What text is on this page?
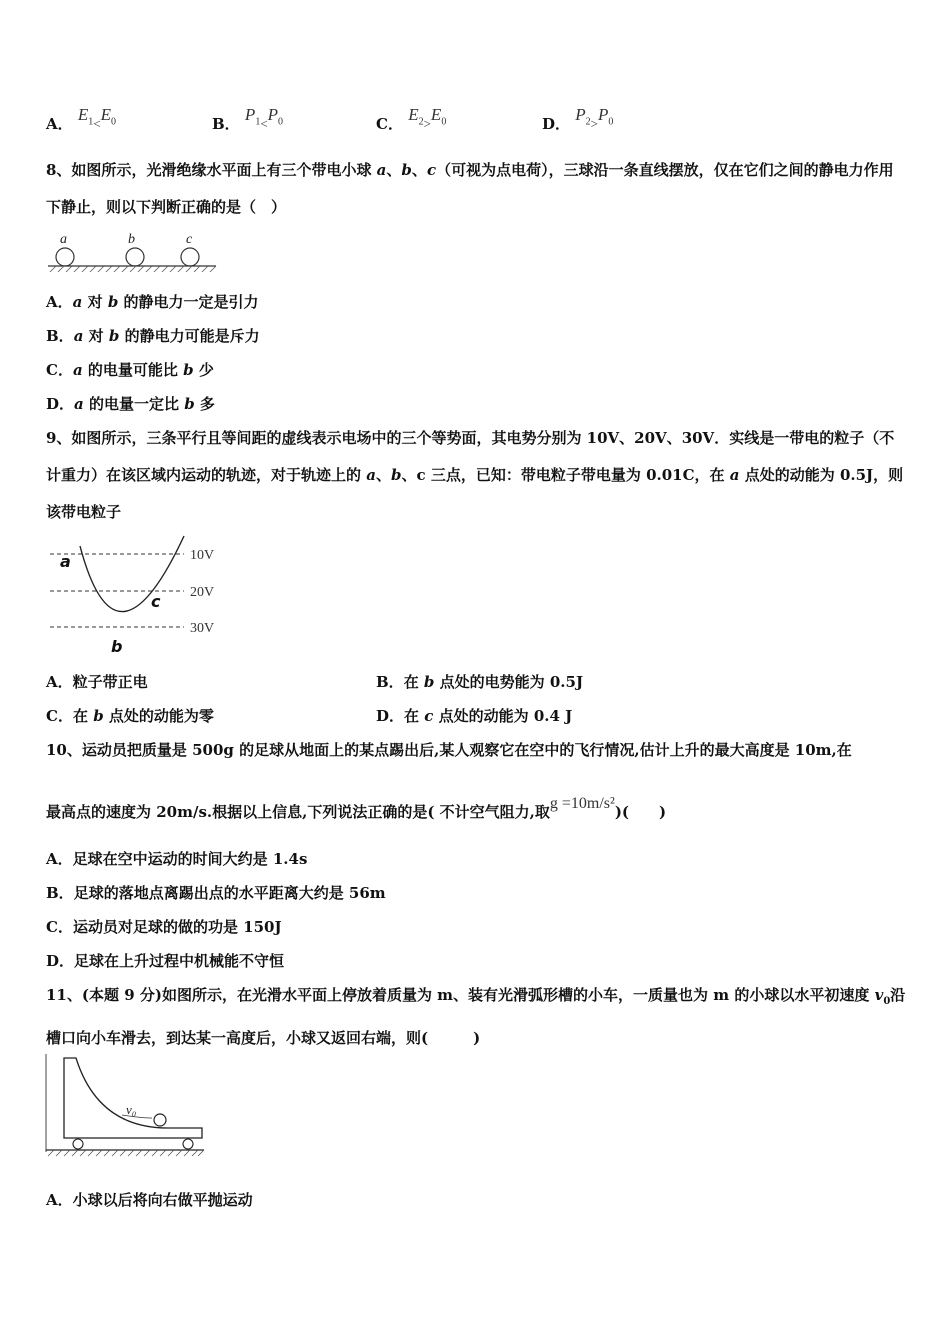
A． $E_{1<}E_0$	B． $P_{1<}P_0$	C． $E_{2>}E_0$	D． $P_{2>}P_0$
8、如图所示，光滑绝缘水平面上有三个带电小球 a、b、c（可视为点电荷），三球沿一条直线摆放，仅在它们之间的静电力作用下静止，则以下判断正确的是（　）
a	b	c
A．a 对 b 的静电力一定是引力
B．a 对 b 的静电力可能是斥力
C．a 的电量可能比 b 少
D．a 的电量一定比 b 多
9、如图所示，三条平行且等间距的虚线表示电场中的三个等势面，其电势分别为 10V、20V、30V．实线是一带电的粒子（不计重力）在该区域内运动的轨迹，对于轨迹上的 a、b、c 三点，已知：带电粒子带电量为 0.01C，在 a 点处的动能为 0.5J，则该带电粒子
10V
20V
30V
a
b
c
A．粒子带正电	B．在 b 点处的电势能为 0.5J
C．在 b 点处的动能为零	D．在 c 点处的动能为 0.4 J
10、运动员把质量是 500g 的足球从地面上的某点踢出后,某人观察它在空中的飞行情况,估计上升的最大高度是 10m,在
最高点的速度为 20m/s.根据以上信息,下列说法正确的是( 不计空气阻力,取g =10m/s²)(　　)
A．足球在空中运动的时间大约是 1.4s
B．足球的落地点离踢出点的水平距离大约是 56m
C．运动员对足球的做的功是 150J
D．足球在上升过程中机械能不守恒
11、(本题 9 分)如图所示，在光滑水平面上停放着质量为 m、装有光滑弧形槽的小车，一质量也为 m 的小球以水平初速度 $v_0$沿槽口向小车滑去，到达某一高度后，小球又返回右端，则(　　　)
v₀
A．小球以后将向右做平抛运动
